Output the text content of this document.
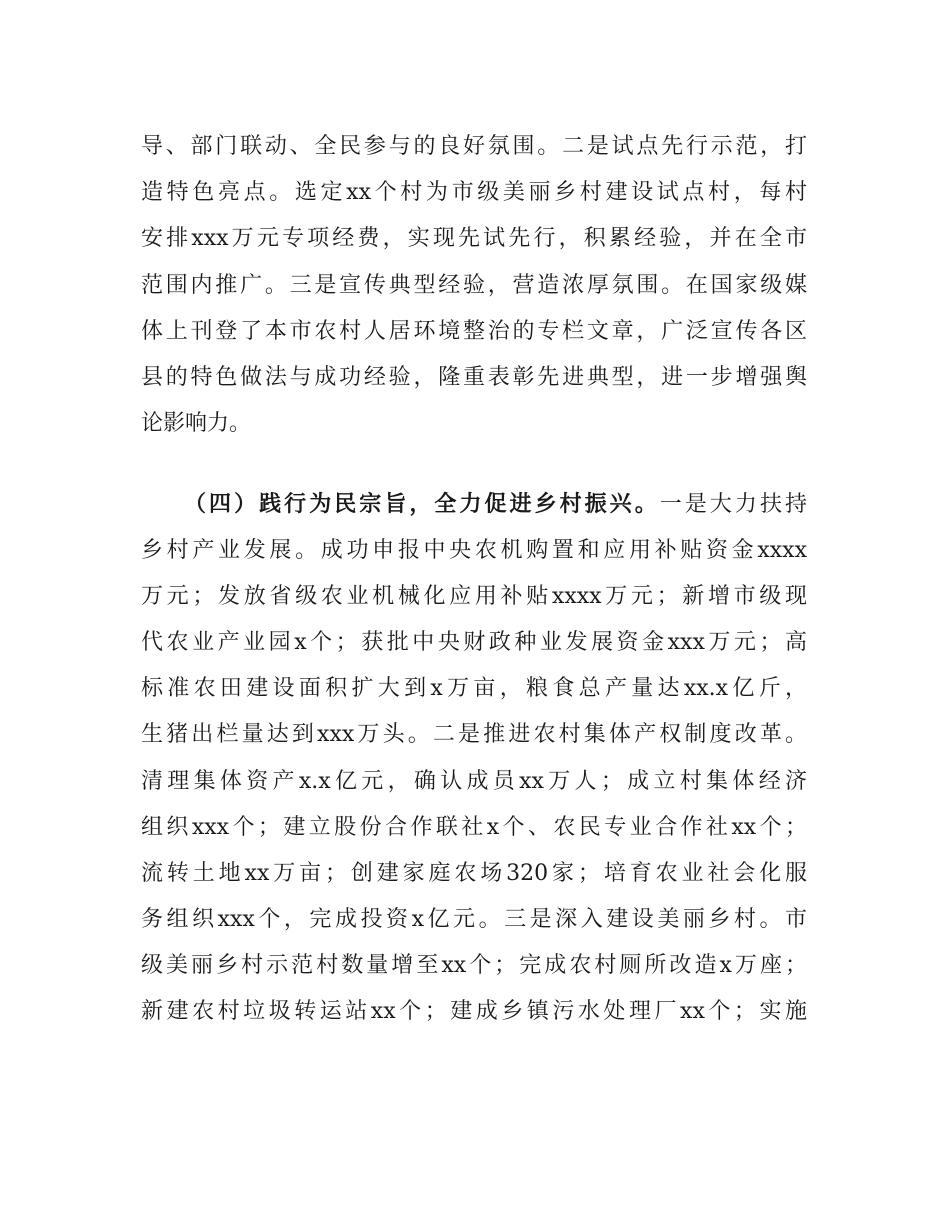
导、部门联动、全民参与的良好氛围。二是试点先行示范，打
造特色亮点。选定xx个村为市级美丽乡村建设试点村，每村
安排xxx万元专项经费，实现先试先行，积累经验，并在全市
范围内推广。三是宣传典型经验，营造浓厚氛围。在国家级媒
体上刊登了本市农村人居环境整治的专栏文章，广泛宣传各区
县的特色做法与成功经验，隆重表彰先进典型，进一步增强舆
论影响力。
（四）践行为民宗旨，全力促进乡村振兴。一是大力扶持
乡村产业发展。成功申报中央农机购置和应用补贴资金xxxx
万元；发放省级农业机械化应用补贴xxxx万元；新增市级现
代农业产业园x个；获批中央财政种业发展资金xxx万元；高
标准农田建设面积扩大到x万亩，粮食总产量达xx.x亿斤，
生猪出栏量达到xxx万头。二是推进农村集体产权制度改革。
清理集体资产x.x亿元，确认成员xx万人；成立村集体经济
组织xxx个；建立股份合作联社x个、农民专业合作社xx个；
流转土地xx万亩；创建家庭农场320家；培育农业社会化服
务组织xxx个，完成投资x亿元。三是深入建设美丽乡村。市
级美丽乡村示范村数量增至xx个；完成农村厕所改造x万座；
新建农村垃圾转运站xx个；建成乡镇污水处理厂xx个；实施
